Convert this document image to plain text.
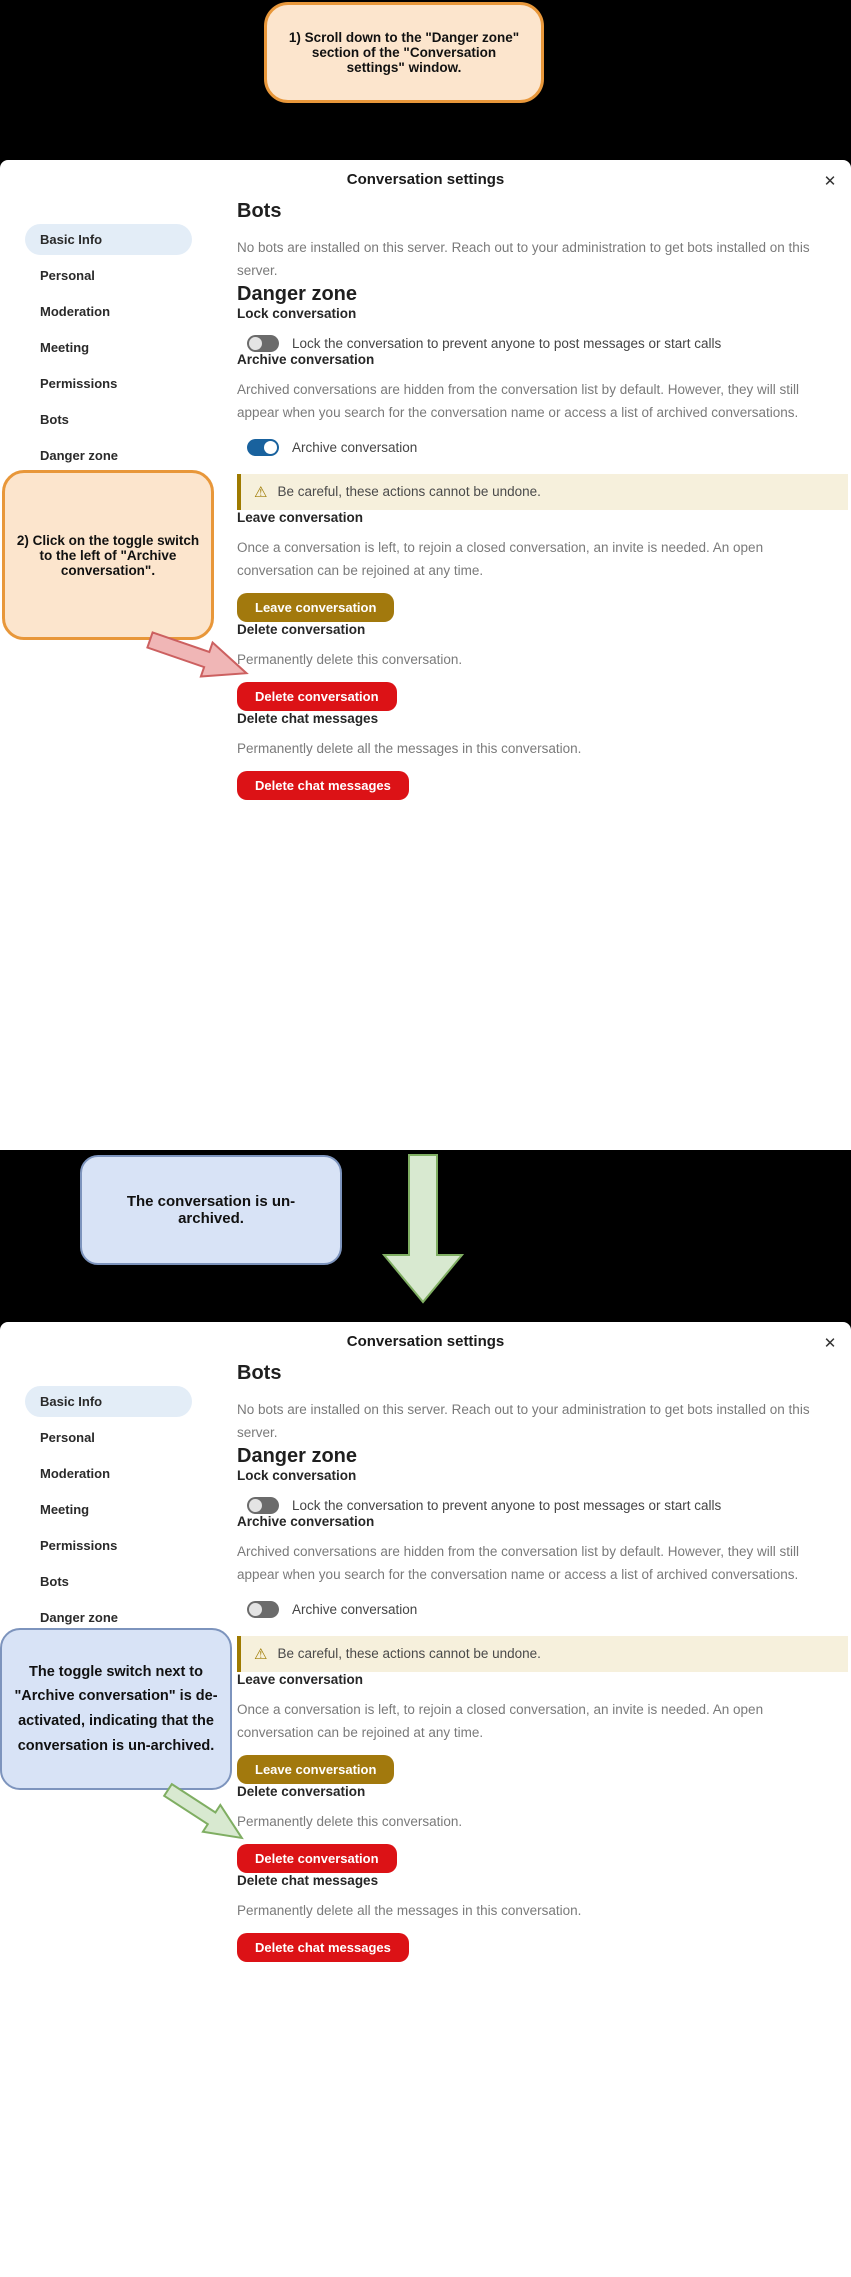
1) Scroll down to the "Danger zone" section of the "Conversation settings" window.
Conversation settings	✕
Basic Info
Personal
Moderation
Meeting
Permissions
Bots
Danger zone
Bots

No bots are installed on this server. Reach out to your administration to get bots installed on this server.

Danger zone
Lock conversation
Lock the conversation to prevent anyone to post messages or start calls
Archive conversation

Archived conversations are hidden from the conversation list by default. However, they will still appear when you search for the conversation name or access a list of archived conversations.

Archive conversation
⚠ Be careful, these actions cannot be undone.
Leave conversation

Once a conversation is left, to rejoin a closed conversation, an invite is needed. An open conversation can be rejoined at any time.

Leave conversation
Delete conversation

Permanently delete this conversation.

Delete conversation
Delete chat messages

Permanently delete all the messages in this conversation.

Delete chat messages
2) Click on the toggle switch to the left of "Archive conversation".
The conversation is un-archived.
Conversation settings	✕
Basic Info
Personal
Moderation
Meeting
Permissions
Bots
Danger zone
Bots

No bots are installed on this server. Reach out to your administration to get bots installed on this server.

Danger zone
Lock conversation
Lock the conversation to prevent anyone to post messages or start calls
Archive conversation

Archived conversations are hidden from the conversation list by default. However, they will still appear when you search for the conversation name or access a list of archived conversations.

Archive conversation
⚠ Be careful, these actions cannot be undone.
Leave conversation

Once a conversation is left, to rejoin a closed conversation, an invite is needed. An open conversation can be rejoined at any time.

Leave conversation
Delete conversation

Permanently delete this conversation.

Delete conversation
Delete chat messages

Permanently delete all the messages in this conversation.

Delete chat messages
The toggle switch next to "Archive conversation" is de-activated, indicating that the conversation is un-archived.
